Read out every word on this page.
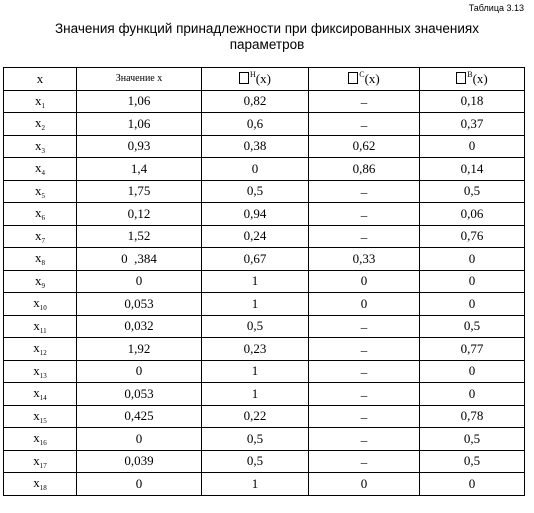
Таблица 3.13
Значения функций принадлежности при фиксированных значениях
параметров
x	Значение x	$^H$(x)	$^C$(x)	$^B$(x)
$x_1$	1,06	0,82	_	0,18
$x_2$	1,06	0,6	_	0,37
$x_3$	0,93	0,38	0,62	0
$x_4$	1,4	0	0,86	0,14
$x_5$	1,75	0,5	_	0,5
$x_6$	0,12	0,94	_	0,06
$x_7$	1,52	0,24	_	0,76
$x_8$	0  ,384	0,67	0,33	0
$x_9$	0	1	0	0
$x_{10}$	0,053	1	0	0
$x_{11}$	0,032	0,5	_	0,5
$x_{12}$	1,92	0,23	_	0,77
$x_{13}$	0	1	_	0
$x_{14}$	0,053	1	_	0
$x_{15}$	0,425	0,22	_	0,78
$x_{16}$	0	0,5	_	0,5
$x_{17}$	0,039	0,5	_	0,5
$x_{18}$	0	1	0	0
